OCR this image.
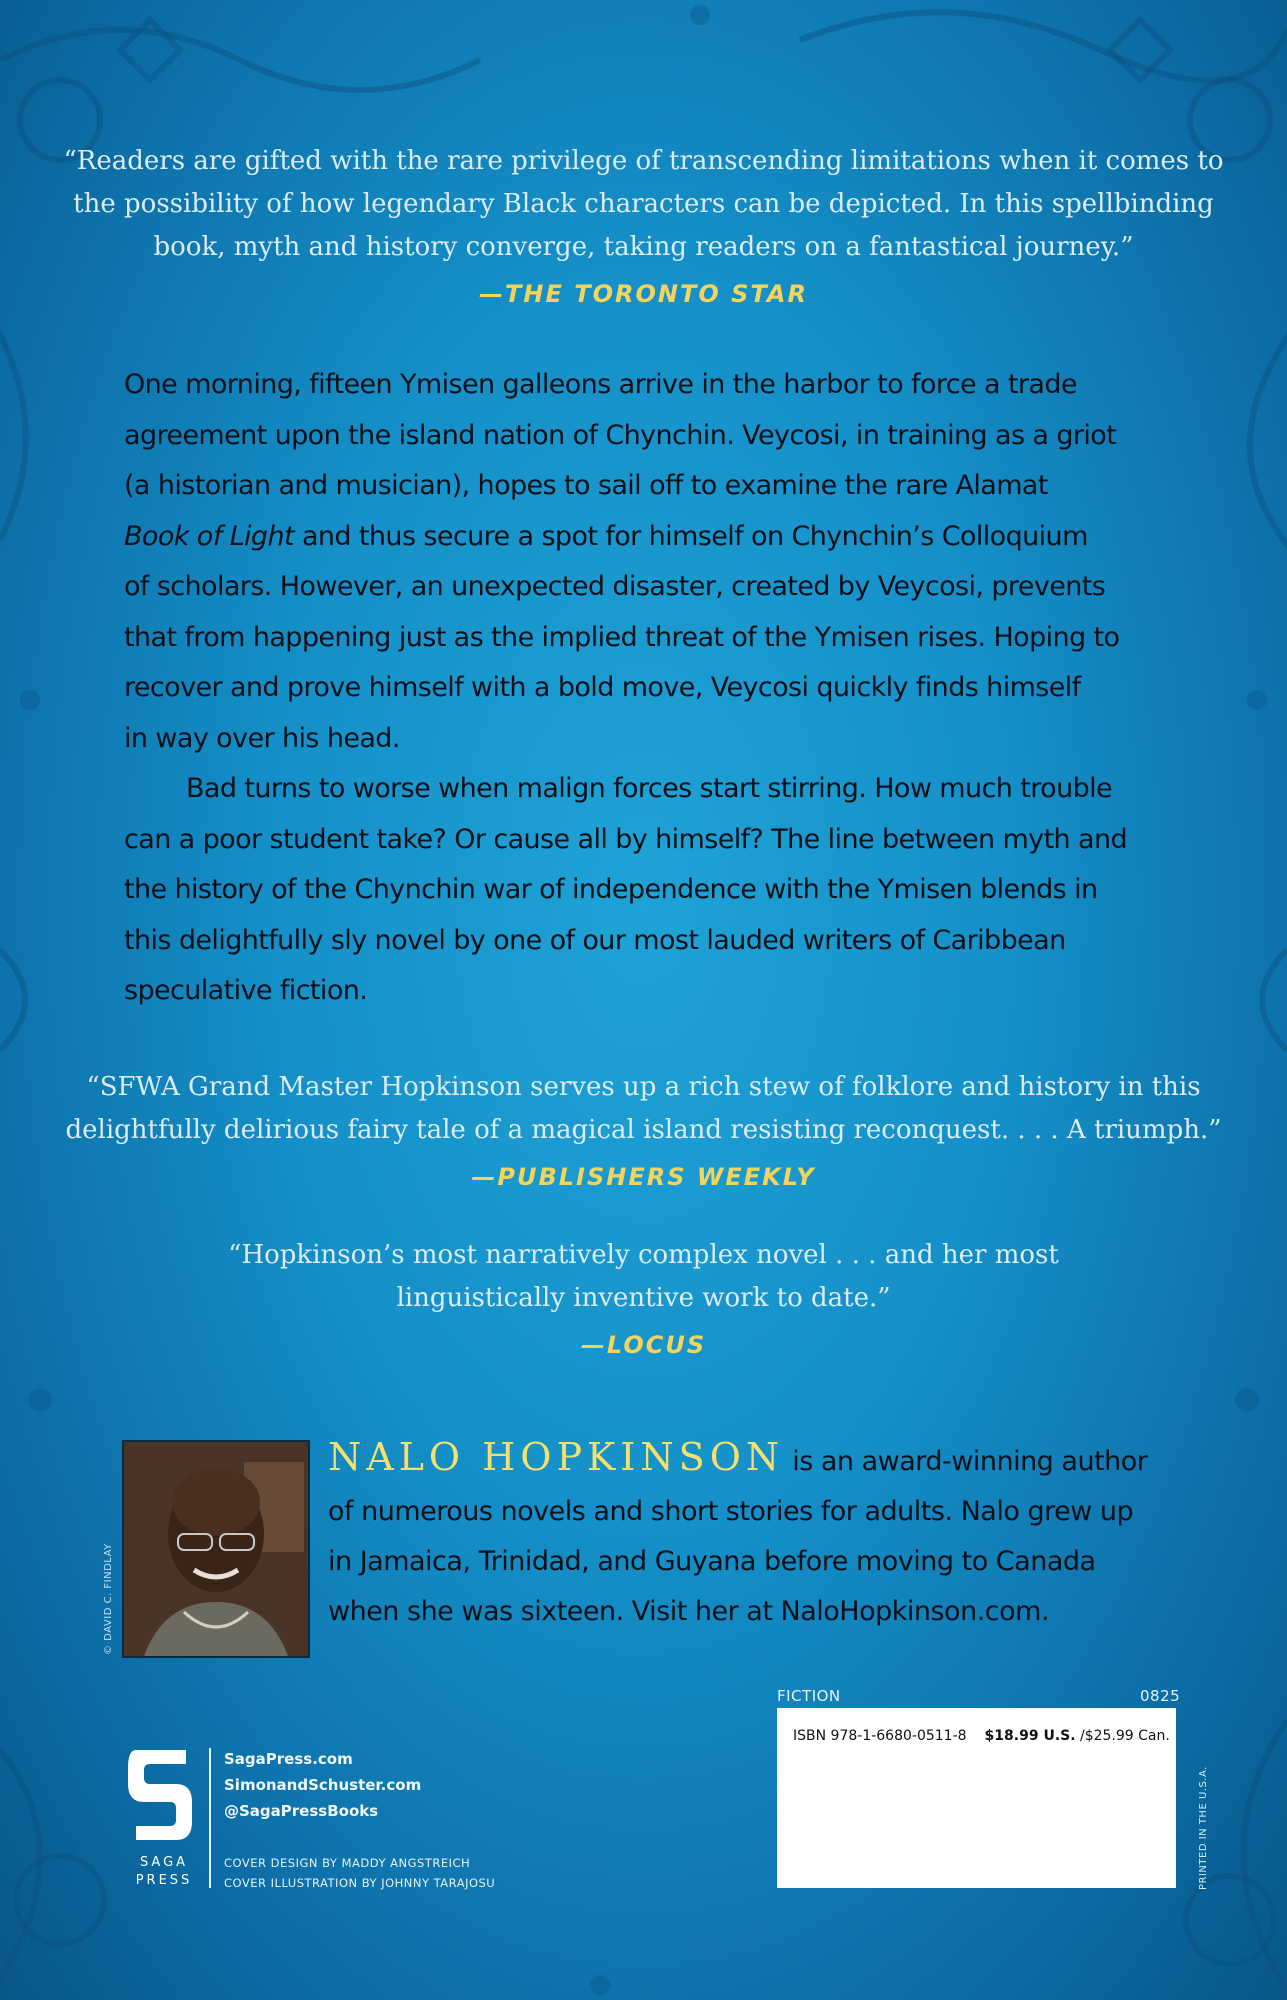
“Readers are gifted with the rare privilege of transcending limitations when it comes to
the possibility of how legendary Black characters can be depicted. In this spellbinding
book, myth and history converge, taking readers on a fantastical journey.”
—THE TORONTO STAR
One morning, fifteen Ymisen galleons arrive in the harbor to force a trade
agreement upon the island nation of Chynchin. Veycosi, in training as a griot
(a historian and musician), hopes to sail off to examine the rare Alamat
Book of Light and thus secure a spot for himself on Chynchin’s Colloquium
of scholars. However, an unexpected disaster, created by Veycosi, prevents
that from happening just as the implied threat of the Ymisen rises. Hoping to
recover and prove himself with a bold move, Veycosi quickly finds himself
in way over his head.
Bad turns to worse when malign forces start stirring. How much trouble
can a poor student take? Or cause all by himself? The line between myth and
the history of the Chynchin war of independence with the Ymisen blends in
this delightfully sly novel by one of our most lauded writers of Caribbean
speculative fiction.
“SFWA Grand Master Hopkinson serves up a rich stew of folklore and history in this
delightfully delirious fairy tale of a magical island resisting reconquest. . . . A triumph.”
—PUBLISHERS WEEKLY
“Hopkinson’s most narratively complex novel . . . and her most
linguistically inventive work to date.”
—LOCUS
© DAVID C. FINDLAY
NALO HOPKINSON is an award-winning author
of numerous novels and short stories for adults. Nalo grew up
in Jamaica, Trinidad, and Guyana before moving to Canada
when she was sixteen. Visit her at NaloHopkinson.com.
FICTION	0825
ISBN 978-1-6680-0511-8 $18.99 U.S. /$25.99 Can.
PRINTED IN THE U.S.A.
SAGA
PRESS
SagaPress.com
SimonandSchuster.com
@SagaPressBooks
COVER DESIGN BY MADDY ANGSTREICH
COVER ILLUSTRATION BY JOHNNY TARAJOSU
